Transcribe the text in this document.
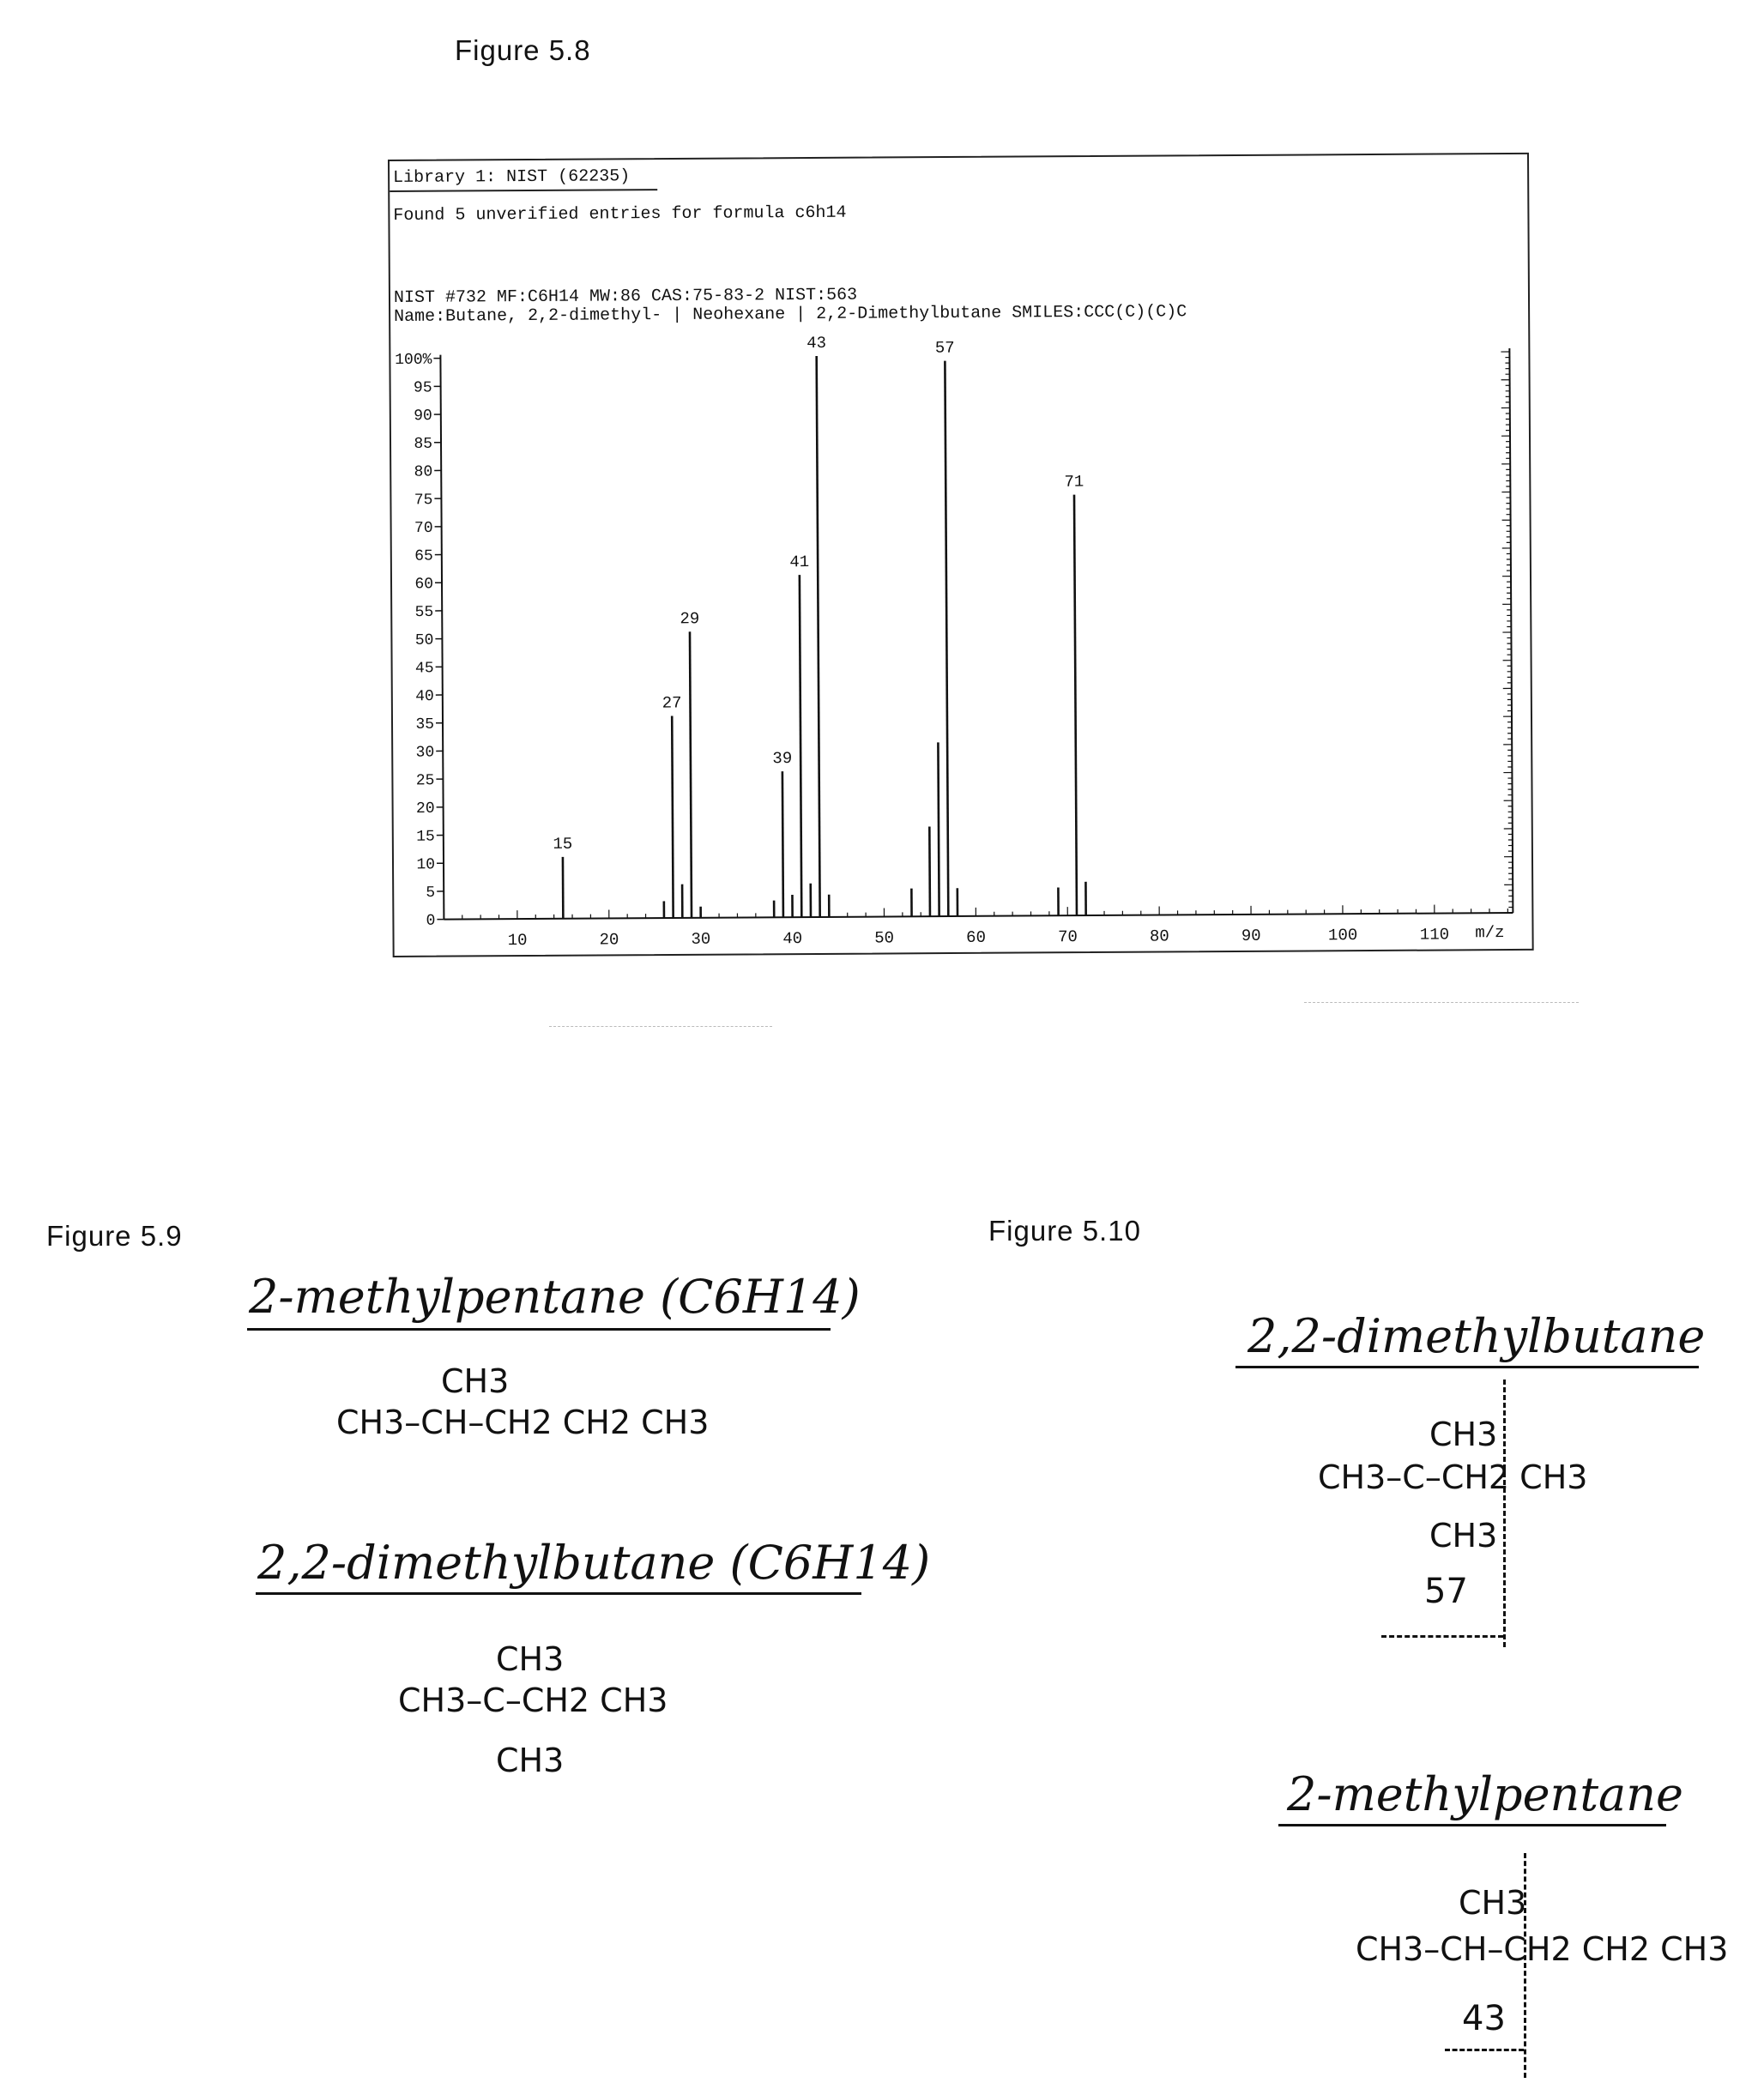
Figure 5.8
Library 1: NIST (62235)
Found 5 unverified entries for formula c6h14
NIST #732 MF:C6H14 MW:86 CAS:75-83-2 NIST:563
Name:Butane, 2,2-dimethyl- | Neohexane | 2,2-Dimethylbutane SMILES:CCC(C)(C)C
0
5
10
15
20
25
30
35
40
45
50
55
60
65
70
75
80
85
90
95
100%
10	20	30	40	50	60	70	80	90	100	110 m/z
15
27
29
39
41
43	57
71
Figure 5.9
2-methylpentane (C6H14)
CH3
CH3–CH–CH2 CH2 CH3
2,2-dimethylbutane (C6H14)
CH3
CH3–C–CH2 CH3
CH3
Figure 5.10
2,2-dimethylbutane
CH3
CH3–C–CH2 CH3
CH3
57
2-methylpentane
CH3
CH3–CH–CH2 CH2 CH3
43
